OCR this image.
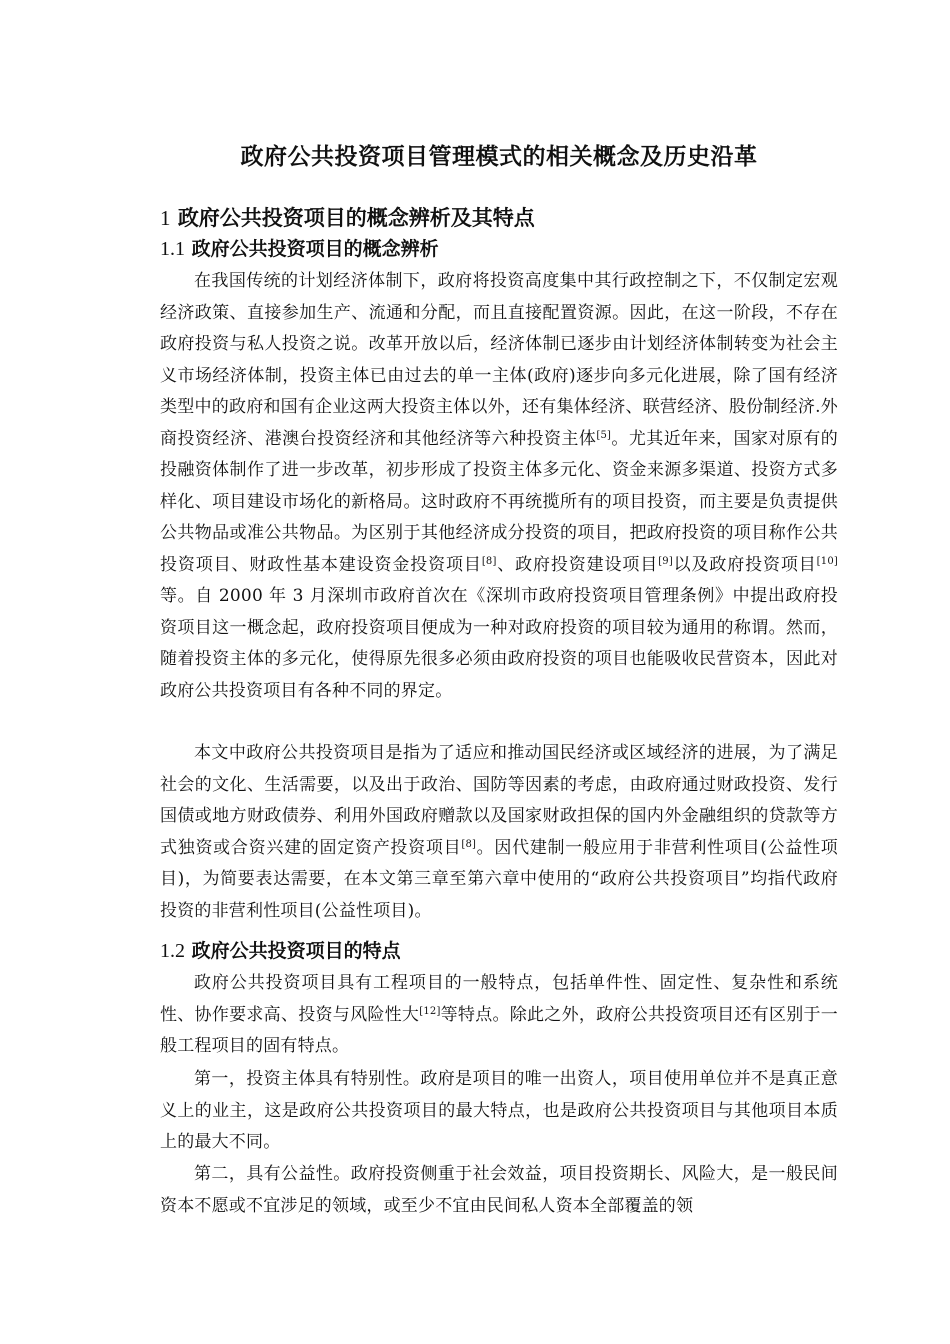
政府公共投资项目管理模式的相关概念及历史沿革
1 政府公共投资项目的概念辨析及其特点
1.1 政府公共投资项目的概念辨析

在我国传统的计划经济体制下，政府将投资高度集中其行政控制之下，不仅制定宏观经济政策、直接参加生产、流通和分配，而且直接配置资源。因此，在这一阶段，不存在政府投资与私人投资之说。改革开放以后，经济体制已逐步由计划经济体制转变为社会主义市场经济体制，投资主体已由过去的单一主体(政府)逐步向多元化进展，除了国有经济类型中的政府和国有企业这两大投资主体以外，还有集体经济、联营经济、股份制经济.外商投资经济、港澳台投资经济和其他经济等六种投资主体[5]。尤其近年来，国家对原有的投融资体制作了进一步改革，初步形成了投资主体多元化、资金来源多渠道、投资方式多样化、项目建设市场化的新格局。这时政府不再统揽所有的项目投资，而主要是负责提供公共物品或准公共物品。为区别于其他经济成分投资的项目，把政府投资的项目称作公共投资项目、财政性基本建设资金投资项目[8]、政府投资建设项目[9]以及政府投资项目[10]等。自 2000 年 3 月深圳市政府首次在《深圳市政府投资项目管理条例》中提出政府投资项目这一概念起，政府投资项目便成为一种对政府投资的项目较为通用的称谓。然而，随着投资主体的多元化，使得原先很多必须由政府投资的项目也能吸收民营资本，因此对政府公共投资项目有各种不同的界定。

本文中政府公共投资项目是指为了适应和推动国民经济或区域经济的进展，为了满足社会的文化、生活需要，以及出于政治、国防等因素的考虑，由政府通过财政投资、发行国债或地方财政债券、利用外国政府赠款以及国家财政担保的国内外金融组织的贷款等方式独资或合资兴建的固定资产投资项目[8]。因代建制一般应用于非营利性项目(公益性项目)，为简要表达需要，在本文第三章至第六章中使用的“政府公共投资项目”均指代政府投资的非营利性项目(公益性项目)。

1.2 政府公共投资项目的特点

政府公共投资项目具有工程项目的一般特点，包括单件性、固定性、复杂性和系统性、协作要求高、投资与风险性大[12]等特点。除此之外，政府公共投资项目还有区别于一般工程项目的固有特点。

第一，投资主体具有特别性。政府是项目的唯一出资人，项目使用单位并不是真正意义上的业主，这是政府公共投资项目的最大特点，也是政府公共投资项目与其他项目本质上的最大不同。

第二，具有公益性。政府投资侧重于社会效益，项目投资期长、风险大，是一般民间资本不愿或不宜涉足的领域，或至少不宜由民间私人资本全部覆盖的领
